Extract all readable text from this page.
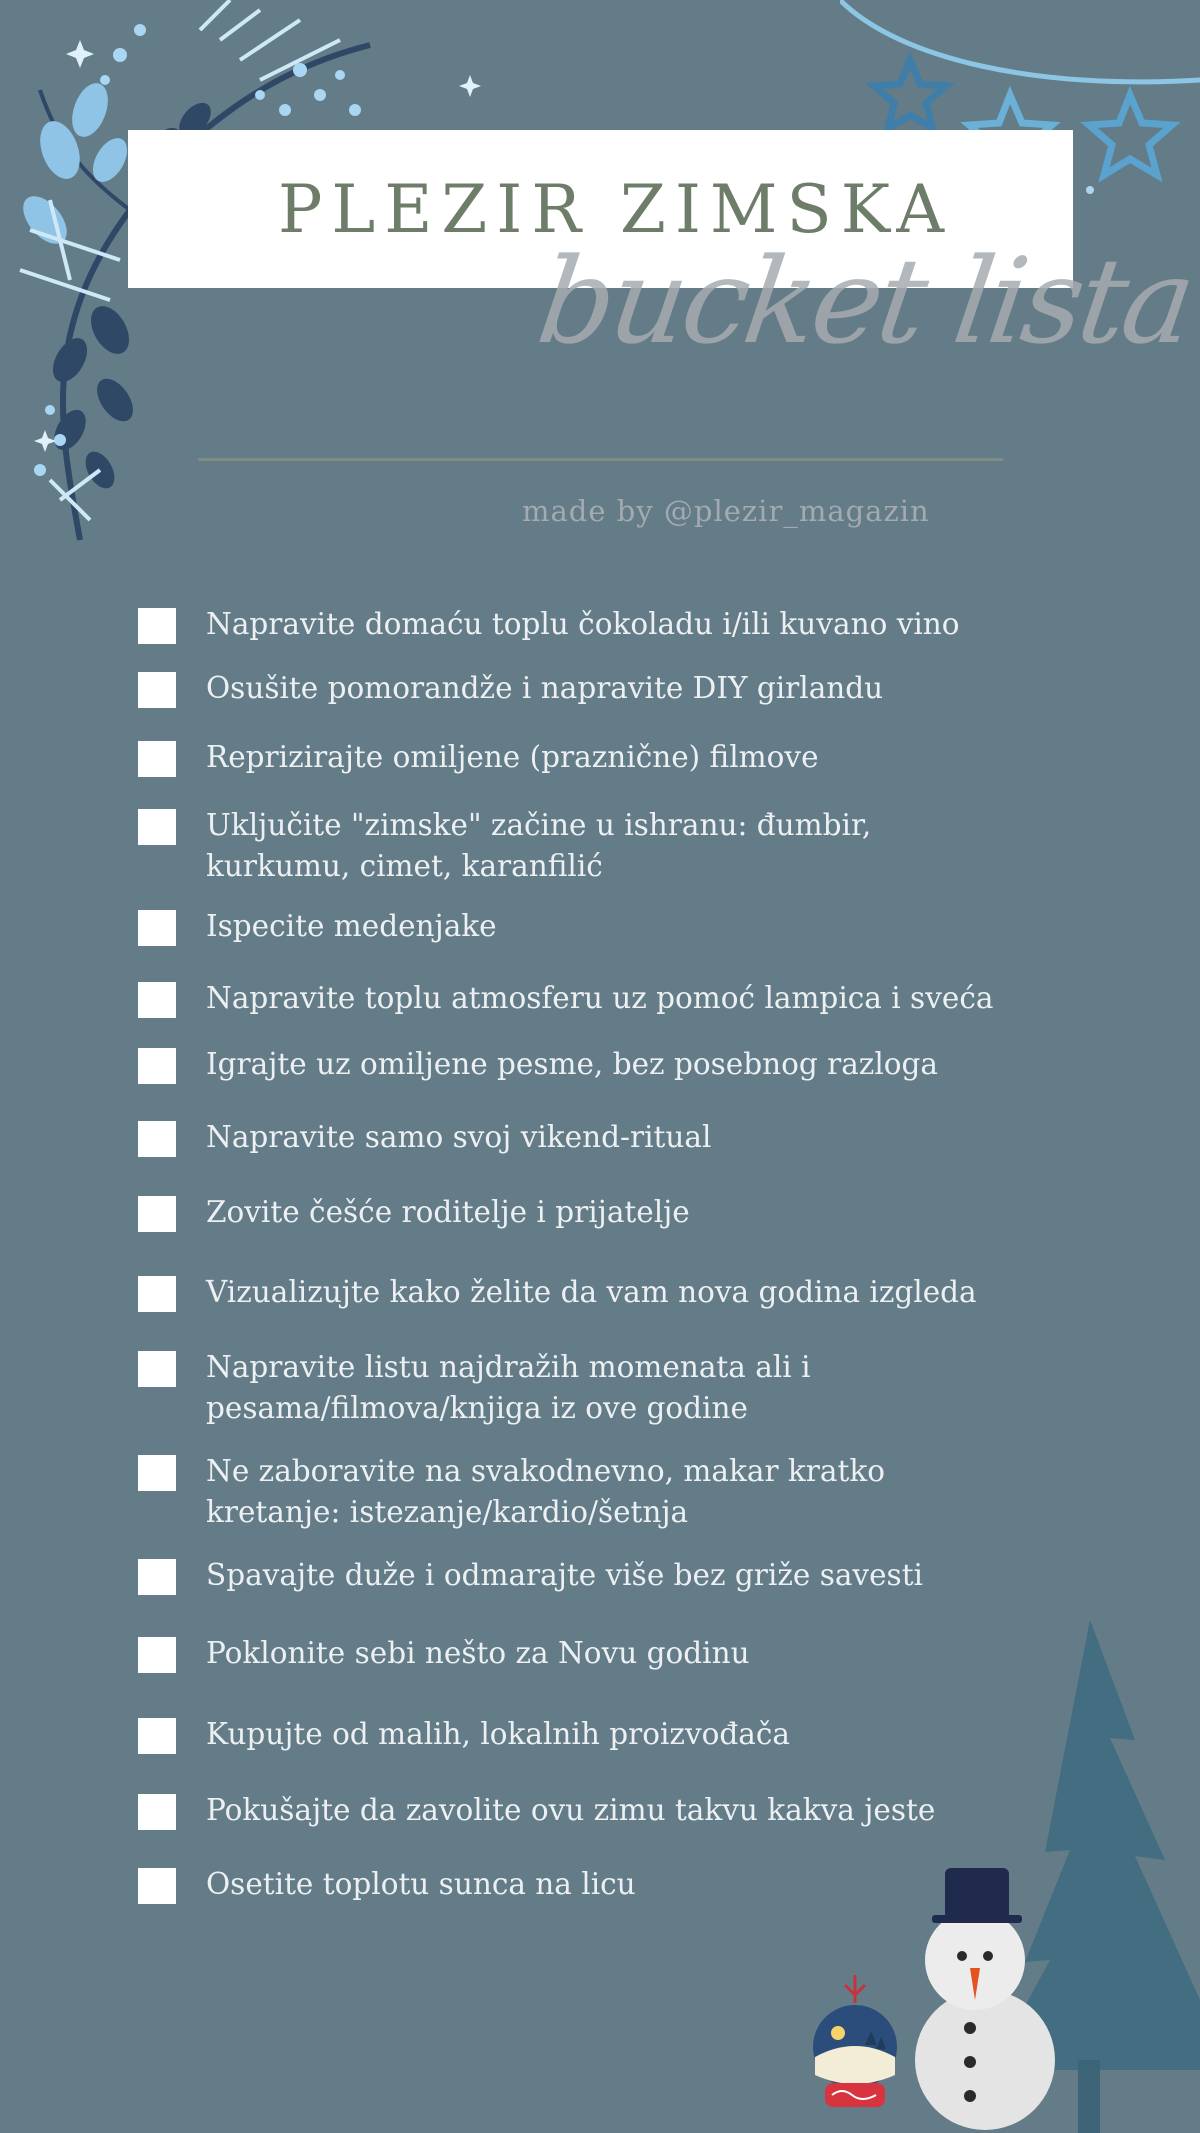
PLEZIR ZIMSKA
bucket lista
made by @plezir_magazin
Napravite domaću toplu čokoladu i/ili kuvano vino
Osušite pomorandže i napravite DIY girlandu
Reprizirajte omiljene (praznične) filmove
Uključite "zimske" začine u ishranu: đumbir,
kurkumu, cimet, karanfilić
Ispecite medenjake
Napravite toplu atmosferu uz pomoć lampica i sveća
Igrajte uz omiljene pesme, bez posebnog razloga
Napravite samo svoj vikend-ritual
Zovite češće roditelje i prijatelje
Vizualizujte kako želite da vam nova godina izgleda
Napravite listu najdražih momenata ali i
pesama/filmova/knjiga iz ove godine
Ne zaboravite na svakodnevno, makar kratko
kretanje: istezanje/kardio/šetnja
Spavajte duže i odmarajte više bez griže savesti
Poklonite sebi nešto za Novu godinu
Kupujte od malih, lokalnih proizvođača
Pokušajte da zavolite ovu zimu takvu kakva jeste
Osetite toplotu sunca na licu
